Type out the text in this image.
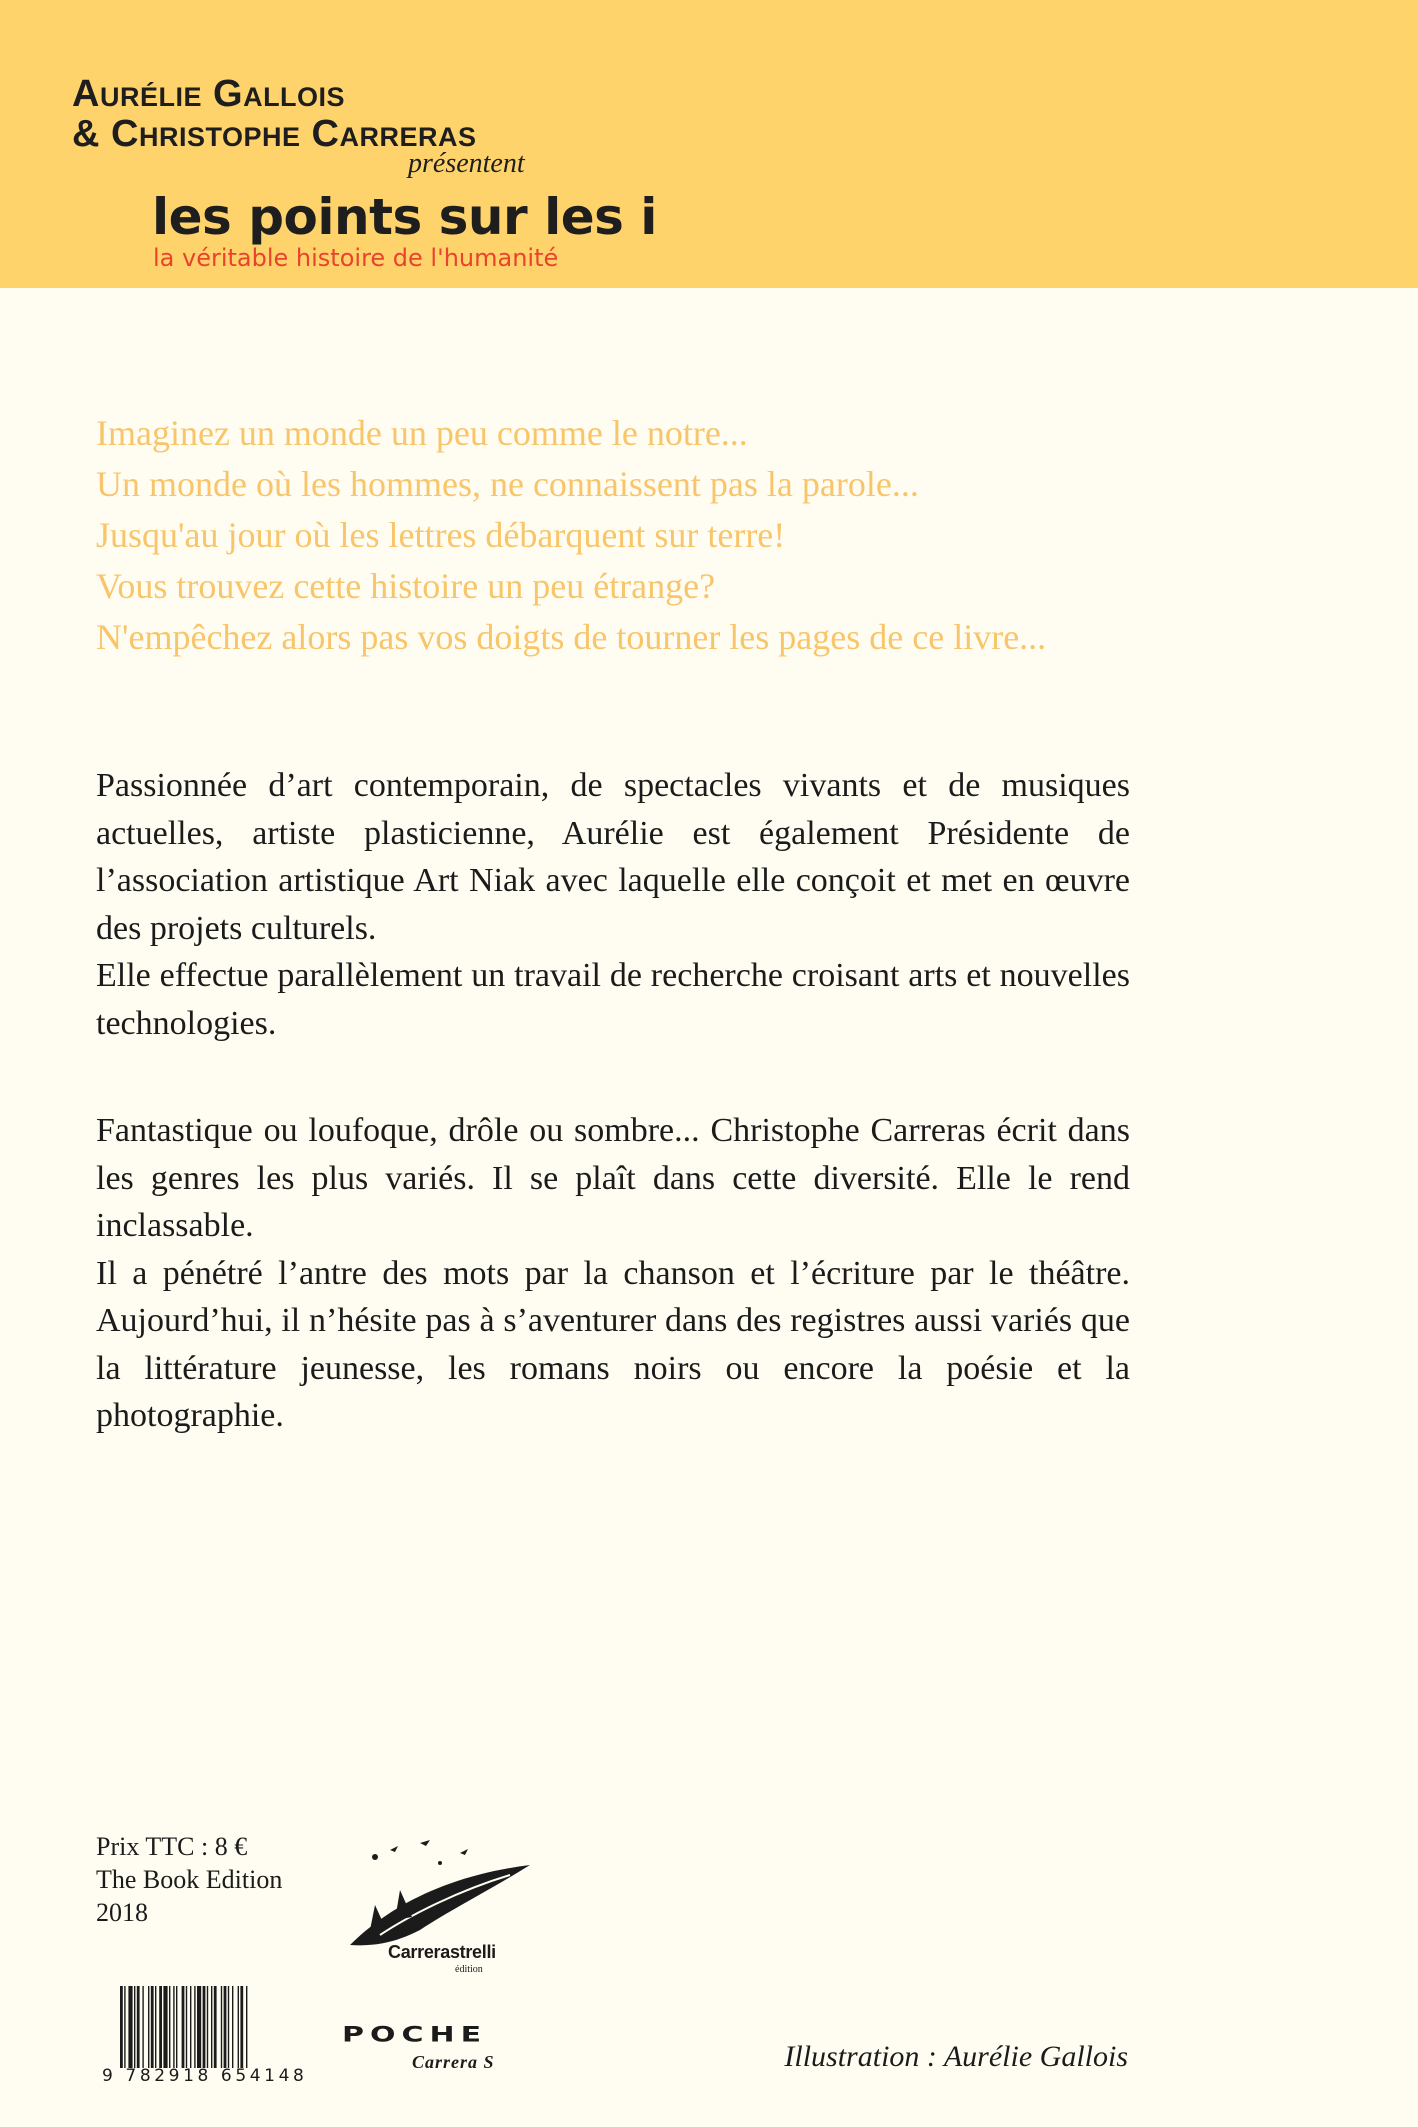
Aurélie Gallois
& Christophe Carreras

présentent

les points sur les i

la véritable histoire de l'humanité

Imaginez un monde un peu comme le notre...
Un monde où les hommes, ne connaissent pas la parole...
Jusqu'au jour où les lettres débarquent sur terre!
Vous trouvez cette histoire un peu étrange?
N'empêchez alors pas vos doigts de tourner les pages de ce livre...

Passionnée d’art contemporain, de spectacles vivants et de musiques actuelles, artiste plasticienne, Aurélie est également Présidente de l’association artistique Art Niak avec laquelle elle conçoit et met en œuvre des projets culturels.

Elle effectue parallèlement un travail de recherche croisant arts et nouvelles technologies.

Fantastique ou loufoque, drôle ou sombre... Christophe Carreras écrit dans les genres les plus variés. Il se plaît dans cette diversité. Elle le rend inclassable.

Il a pénétré l’antre des mots par la chanson et l’écriture par le théâtre. Aujourd’hui, il n’hésite pas à s’aventurer dans des registres aussi variés que la littérature jeunesse, les romans noirs ou encore la poésie et la photographie.

Prix TTC : 8 €
The Book Edition
2018
Carrerastrelli
édition
9 782918 654148
POCHE
Carrera S	Illustration : Aurélie Gallois
